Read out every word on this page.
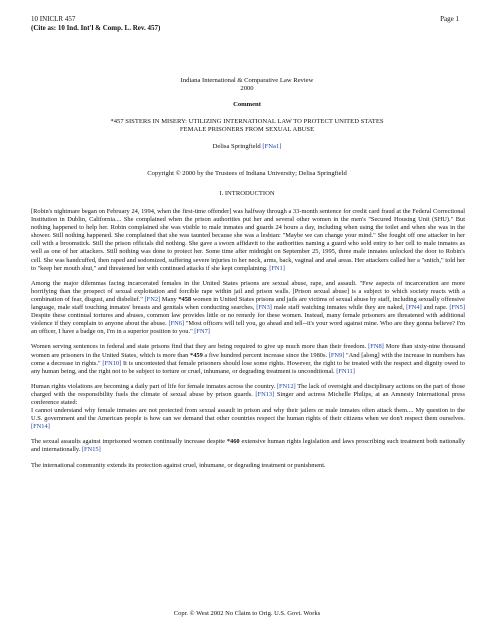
10 INICLR 457
(Cite as: 10 Ind. Int'l & Comp. L. Rev. 457)
Page 1
Indiana International & Comparative Law Review
2000
Comment
*457 SISTERS IN MISERY: UTILIZING INTERNATIONAL LAW TO PROTECT UNITED STATES
FEMALE PRISONERS FROM SEXUAL ABUSE
Delisa Springfield [FNa1]
Copyright © 2000 by the Trustees of Indiana University; Delisa Springfield
I. INTRODUCTION

[Robin's nightmare began on February 24, 1994, when the first-time offender] was halfway through a 33-month sentence for credit card fraud at the Federal Correctional Institution in Dublin, California.... She complained when the prison authorities put her and several other women in the men's "Secured Housing Unit (SHU)." But nothing happened to help her. Robin complained she was visible to male inmates and guards 24 hours a day, including when using the toilet and when she was in the shower. Still nothing happened. She complained that she was taunted because she was a lesbian: "Maybe we can change your mind." She fought off one attacker in her cell with a broomstick. Still the prison officials did nothing. She gave a sworn affidavit to the authorities naming a guard who sold entry to her cell to male inmates as well as one of her attackers. Still nothing was done to protect her. Some time after midnight on September 25, 1995, three male inmates unlocked the door to Robin's cell. She was handcuffed, then raped and sodomized, suffering severe injuries to her neck, arms, back, vaginal and anal areas. Her attackers called her a "snitch," told her to "keep her mouth shut," and threatened her with continued attacks if she kept complaining. [FN1]

Among the major dilemmas facing incarcerated females in the United States prisons are sexual abuse, rape, and assault. "Few aspects of incarceration are more horrifying than the prospect of sexual exploitation and forcible rape within jail and prison walls. [Prison sexual abuse] is a subject to which society reacts with a combination of fear, disgust, and disbelief." [FN2] Many *458 women in United States prisons and jails are victims of sexual abuse by staff, including sexually offensive language, male staff touching inmates' breasts and genitals when conducting searches, [FN3] male staff watching inmates while they are naked, [FN4] and rape. [FN5] Despite these continual tortures and abuses, common law provides little or no remedy for these women. Instead, many female prisoners are threatened with additional violence if they complain to anyone about the abuse. [FN6] "Most officers will tell you, go ahead and tell--it's your word against mine. Who are they gonna believe? I'm an officer, I have a badge on, I'm in a superior position to you." [FN7]

Women serving sentences in federal and state prisons find that they are being required to give up much more than their freedom. [FN8] More than sixty-nine thousand women are prisoners in the United States, which is more than *459 a five hundred percent increase since the 1980s. [FN9] "And [along] with the increase in numbers has come a decrease in rights." [FN10] It is uncontested that female prisoners should lose some rights. However, the right to be treated with the respect and dignity owed to any human being, and the right not to be subject to torture or cruel, inhumane, or degrading treatment is unconditional. [FN11]

Human rights violations are becoming a daily part of life for female inmates across the country. [FN12] The lack of oversight and disciplinary actions on the part of those charged with the responsibility fuels the climate of sexual abuse by prison guards. [FN13] Singer and actress Michelle Philips, at an Amnesty International press conference stated:
I cannot understand why female inmates are not protected from sexual assault in prison and why their jailers or male inmates often attack them.... My question to the U.S. government and the American people is how can we demand that other countries respect the human rights of their citizens when we don't respect them ourselves. [FN14]

The sexual assaults against imprisoned women continually increase despite *460 extensive human rights legislation and laws proscribing such treatment both nationally and internationally. [FN15]

The international community extends its protection against cruel, inhumane, or degrading treatment or punishment.

Copr. © West 2002 No Claim to Orig. U.S. Govt. Works
